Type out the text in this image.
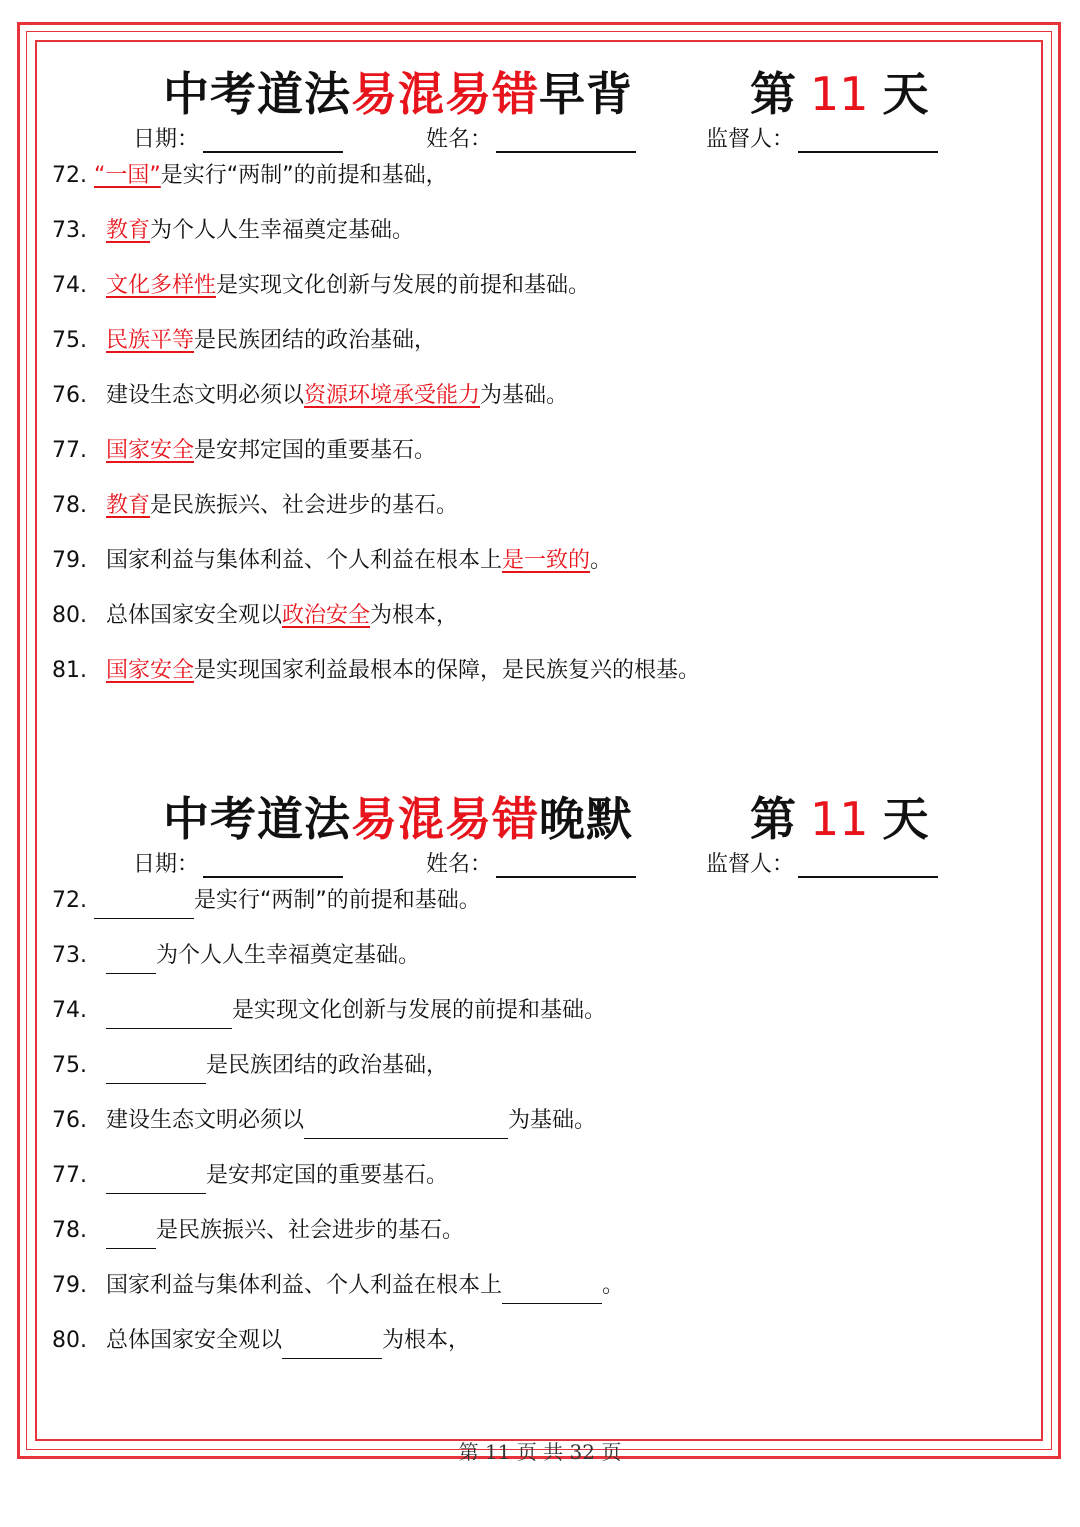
中考道法易混易错早背	第 11 天
日期：	姓名：	监督人：
72. “一国”是实行“两制”的前提和基础，
73. 教育为个人人生幸福奠定基础。
74. 文化多样性是实现文化创新与发展的前提和基础。
75. 民族平等是民族团结的政治基础，
76. 建设生态文明必须以资源环境承受能力为基础。
77. 国家安全是安邦定国的重要基石。
78. 教育是民族振兴、社会进步的基石。
79. 国家利益与集体利益、个人利益在根本上是一致的。
80. 总体国家安全观以政治安全为根本，
81. 国家安全是实现国家利益最根本的保障，是民族复兴的根基。
中考道法易混易错晚默	第 11 天
日期：	姓名：	监督人：
72.	是实行“两制”的前提和基础。
73.	为个人人生幸福奠定基础。
74.	是实现文化创新与发展的前提和基础。
75.	是民族团结的政治基础，
76. 建设生态文明必须以	为基础。
77.	是安邦定国的重要基石。
78.	是民族振兴、社会进步的基石。
79. 国家利益与集体利益、个人利益在根本上	。
80. 总体国家安全观以	为根本，
第 11 页 共 32 页
